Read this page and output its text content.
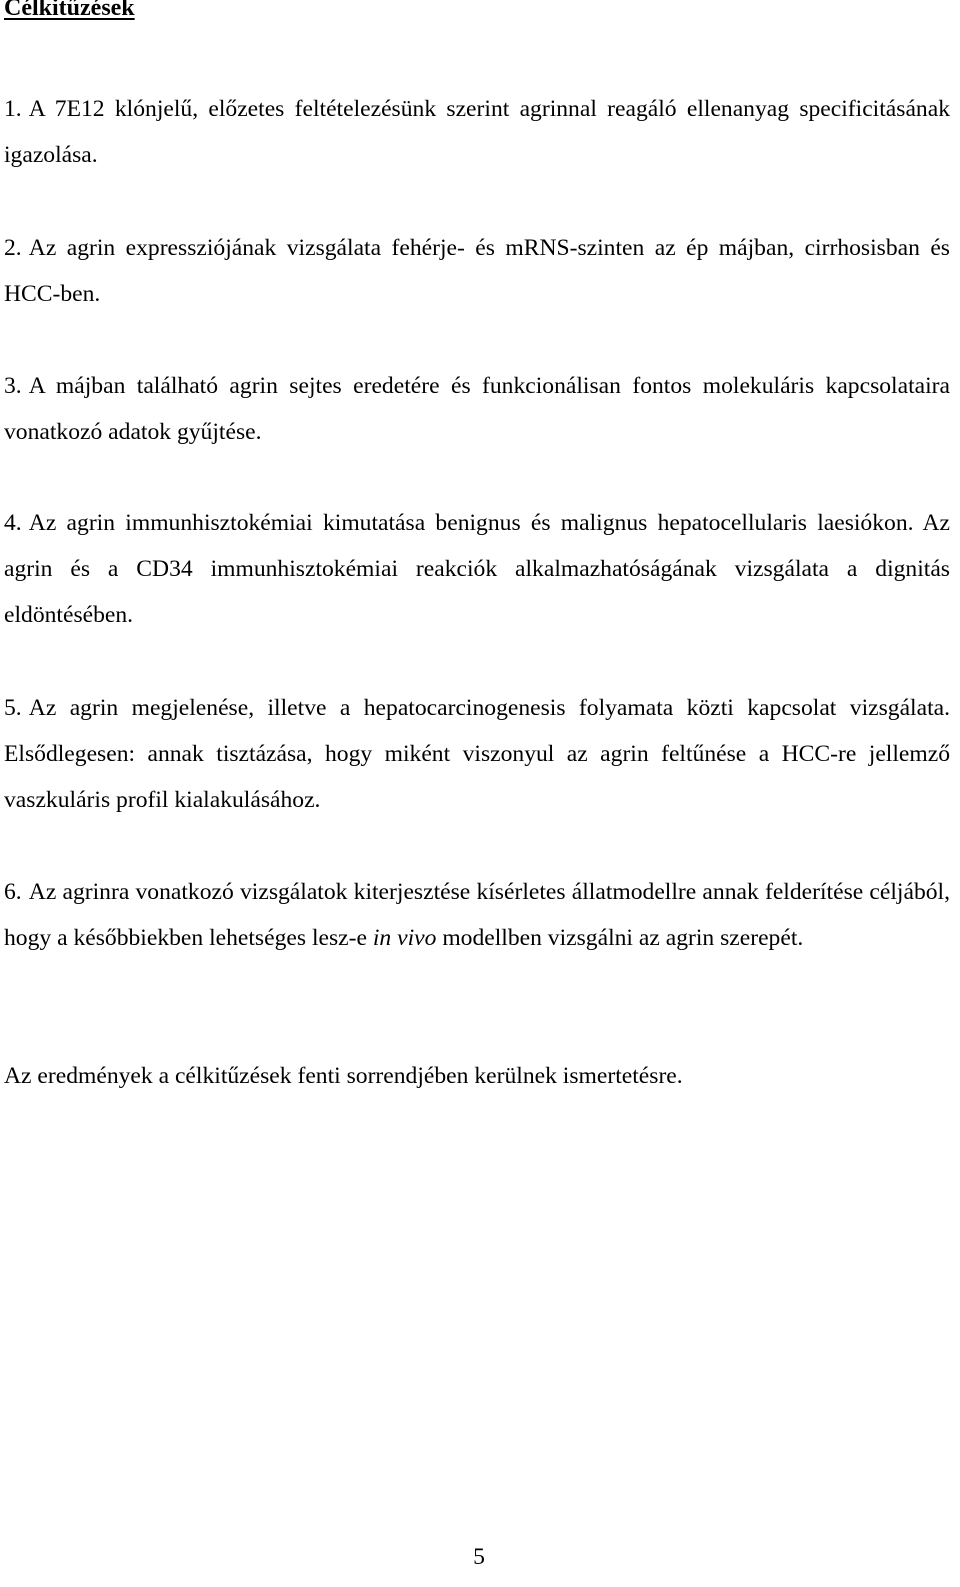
Célkitűzések

1. A 7E12 klónjelű, előzetes feltételezésünk szerint agrinnal reagáló ellenanyag specificitásának igazolása.

2. Az agrin expressziójának vizsgálata fehérje- és mRNS-szinten az ép májban, cirrhosisban és HCC-ben.

3. A májban található agrin sejtes eredetére és funkcionálisan fontos molekuláris kapcsolataira vonatkozó adatok gyűjtése.

4. Az agrin immunhisztokémiai kimutatása benignus és malignus hepatocellularis laesiókon. Az agrin és a CD34 immunhisztokémiai reakciók alkalmazhatóságának vizsgálata a dignitás eldöntésében.

5. Az agrin megjelenése, illetve a hepatocarcinogenesis folyamata közti kapcsolat vizsgálata. Elsődlegesen: annak tisztázása, hogy miként viszonyul az agrin feltűnése a HCC-re jellemző vaszkuláris profil kialakulásához.

6. Az agrinra vonatkozó vizsgálatok kiterjesztése kísérletes állatmodellre annak felderítése céljából, hogy a későbbiekben lehetséges lesz-e in vivo modellben vizsgálni az agrin szerepét.

Az eredmények a célkitűzések fenti sorrendjében kerülnek ismertetésre.

5
